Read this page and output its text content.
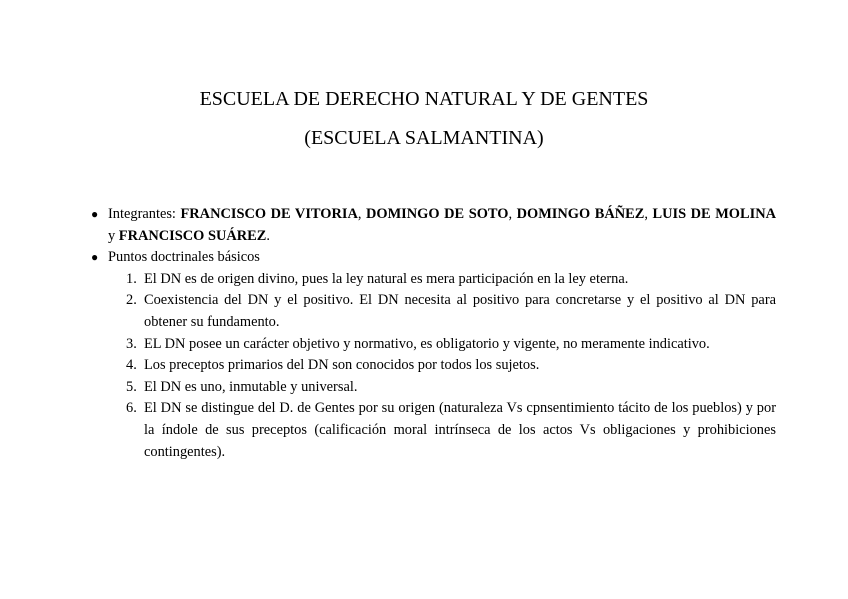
ESCUELA DE DERECHO NATURAL Y DE GENTES
(ESCUELA SALMANTINA)
● Integrantes: FRANCISCO DE VITORIA, DOMINGO DE SOTO, DOMINGO BÁÑEZ, LUIS DE MOLINA y FRANCISCO SUÁREZ.
● Puntos doctrinales básicos
1. El DN es de origen divino, pues la ley natural es mera participación en la ley eterna.
2. Coexistencia del DN y el positivo. El DN necesita al positivo para concretarse y el positivo al DN para obtener su fundamento.
3. EL DN posee un carácter objetivo y normativo, es obligatorio y vigente, no meramente indicativo.
4. Los preceptos primarios del DN son conocidos por todos los sujetos.
5. El DN es uno, inmutable y universal.
6. El DN se distingue del D. de Gentes por su origen (naturaleza Vs cpnsentimiento tácito de los pueblos) y por la índole de sus preceptos (calificación moral intrínseca de los actos Vs obligaciones y prohibiciones contingentes).
